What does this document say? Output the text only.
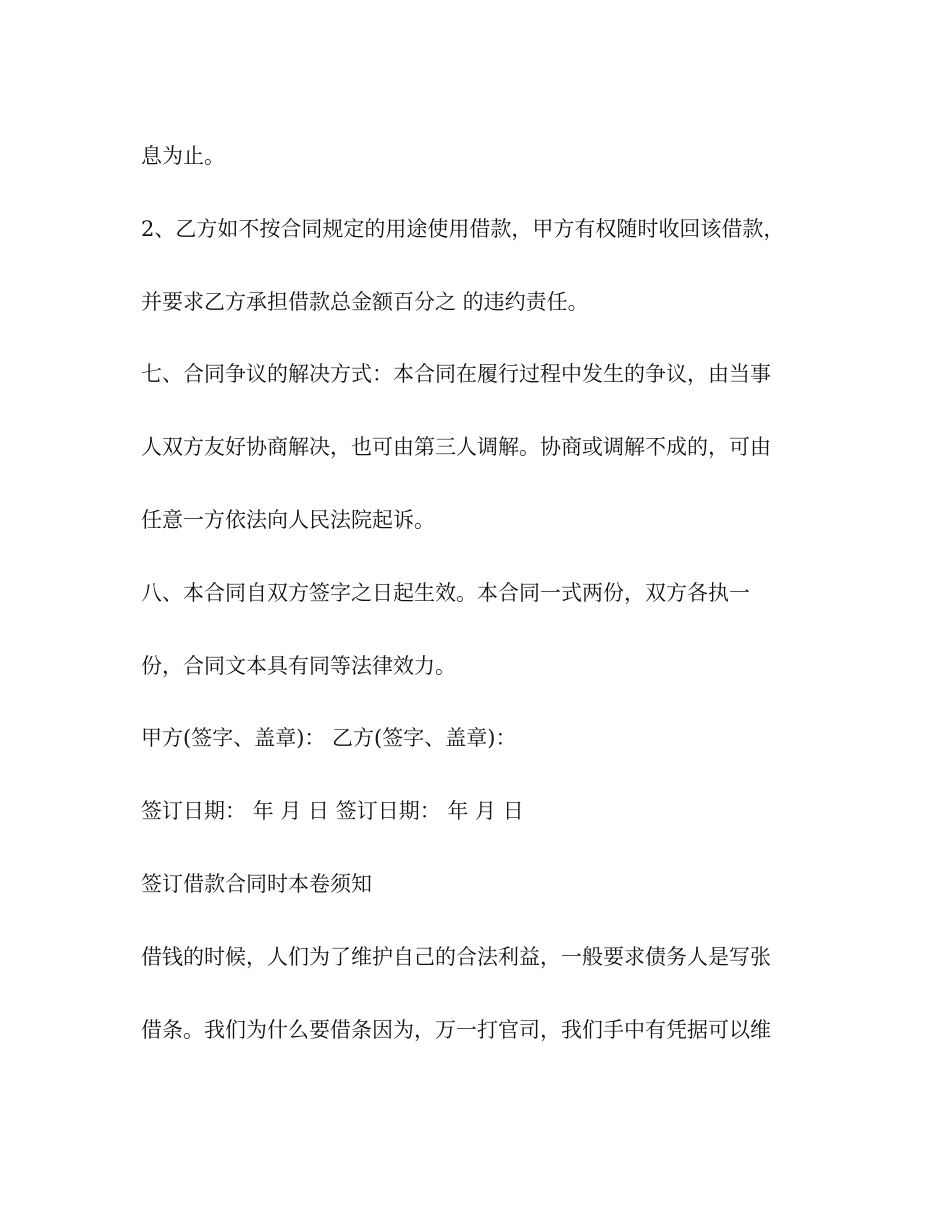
息为止。

2、乙方如不按合同规定的用途使用借款，甲方有权随时收回该借款，

并要求乙方承担借款总金额百分之 的违约责任。

七、合同争议的解决方式：本合同在履行过程中发生的争议，由当事

人双方友好协商解决，也可由第三人调解。协商或调解不成的，可由

任意一方依法向人民法院起诉。

八、本合同自双方签字之日起生效。本合同一式两份，双方各执一

份，合同文本具有同等法律效力。

甲方(签字、盖章)： 乙方(签字、盖章)：

签订日期： 年 月 日 签订日期： 年 月 日

签订借款合同时本卷须知

借钱的时候，人们为了维护自己的合法利益，一般要求债务人是写张

借条。我们为什么要借条因为，万一打官司，我们手中有凭据可以维
